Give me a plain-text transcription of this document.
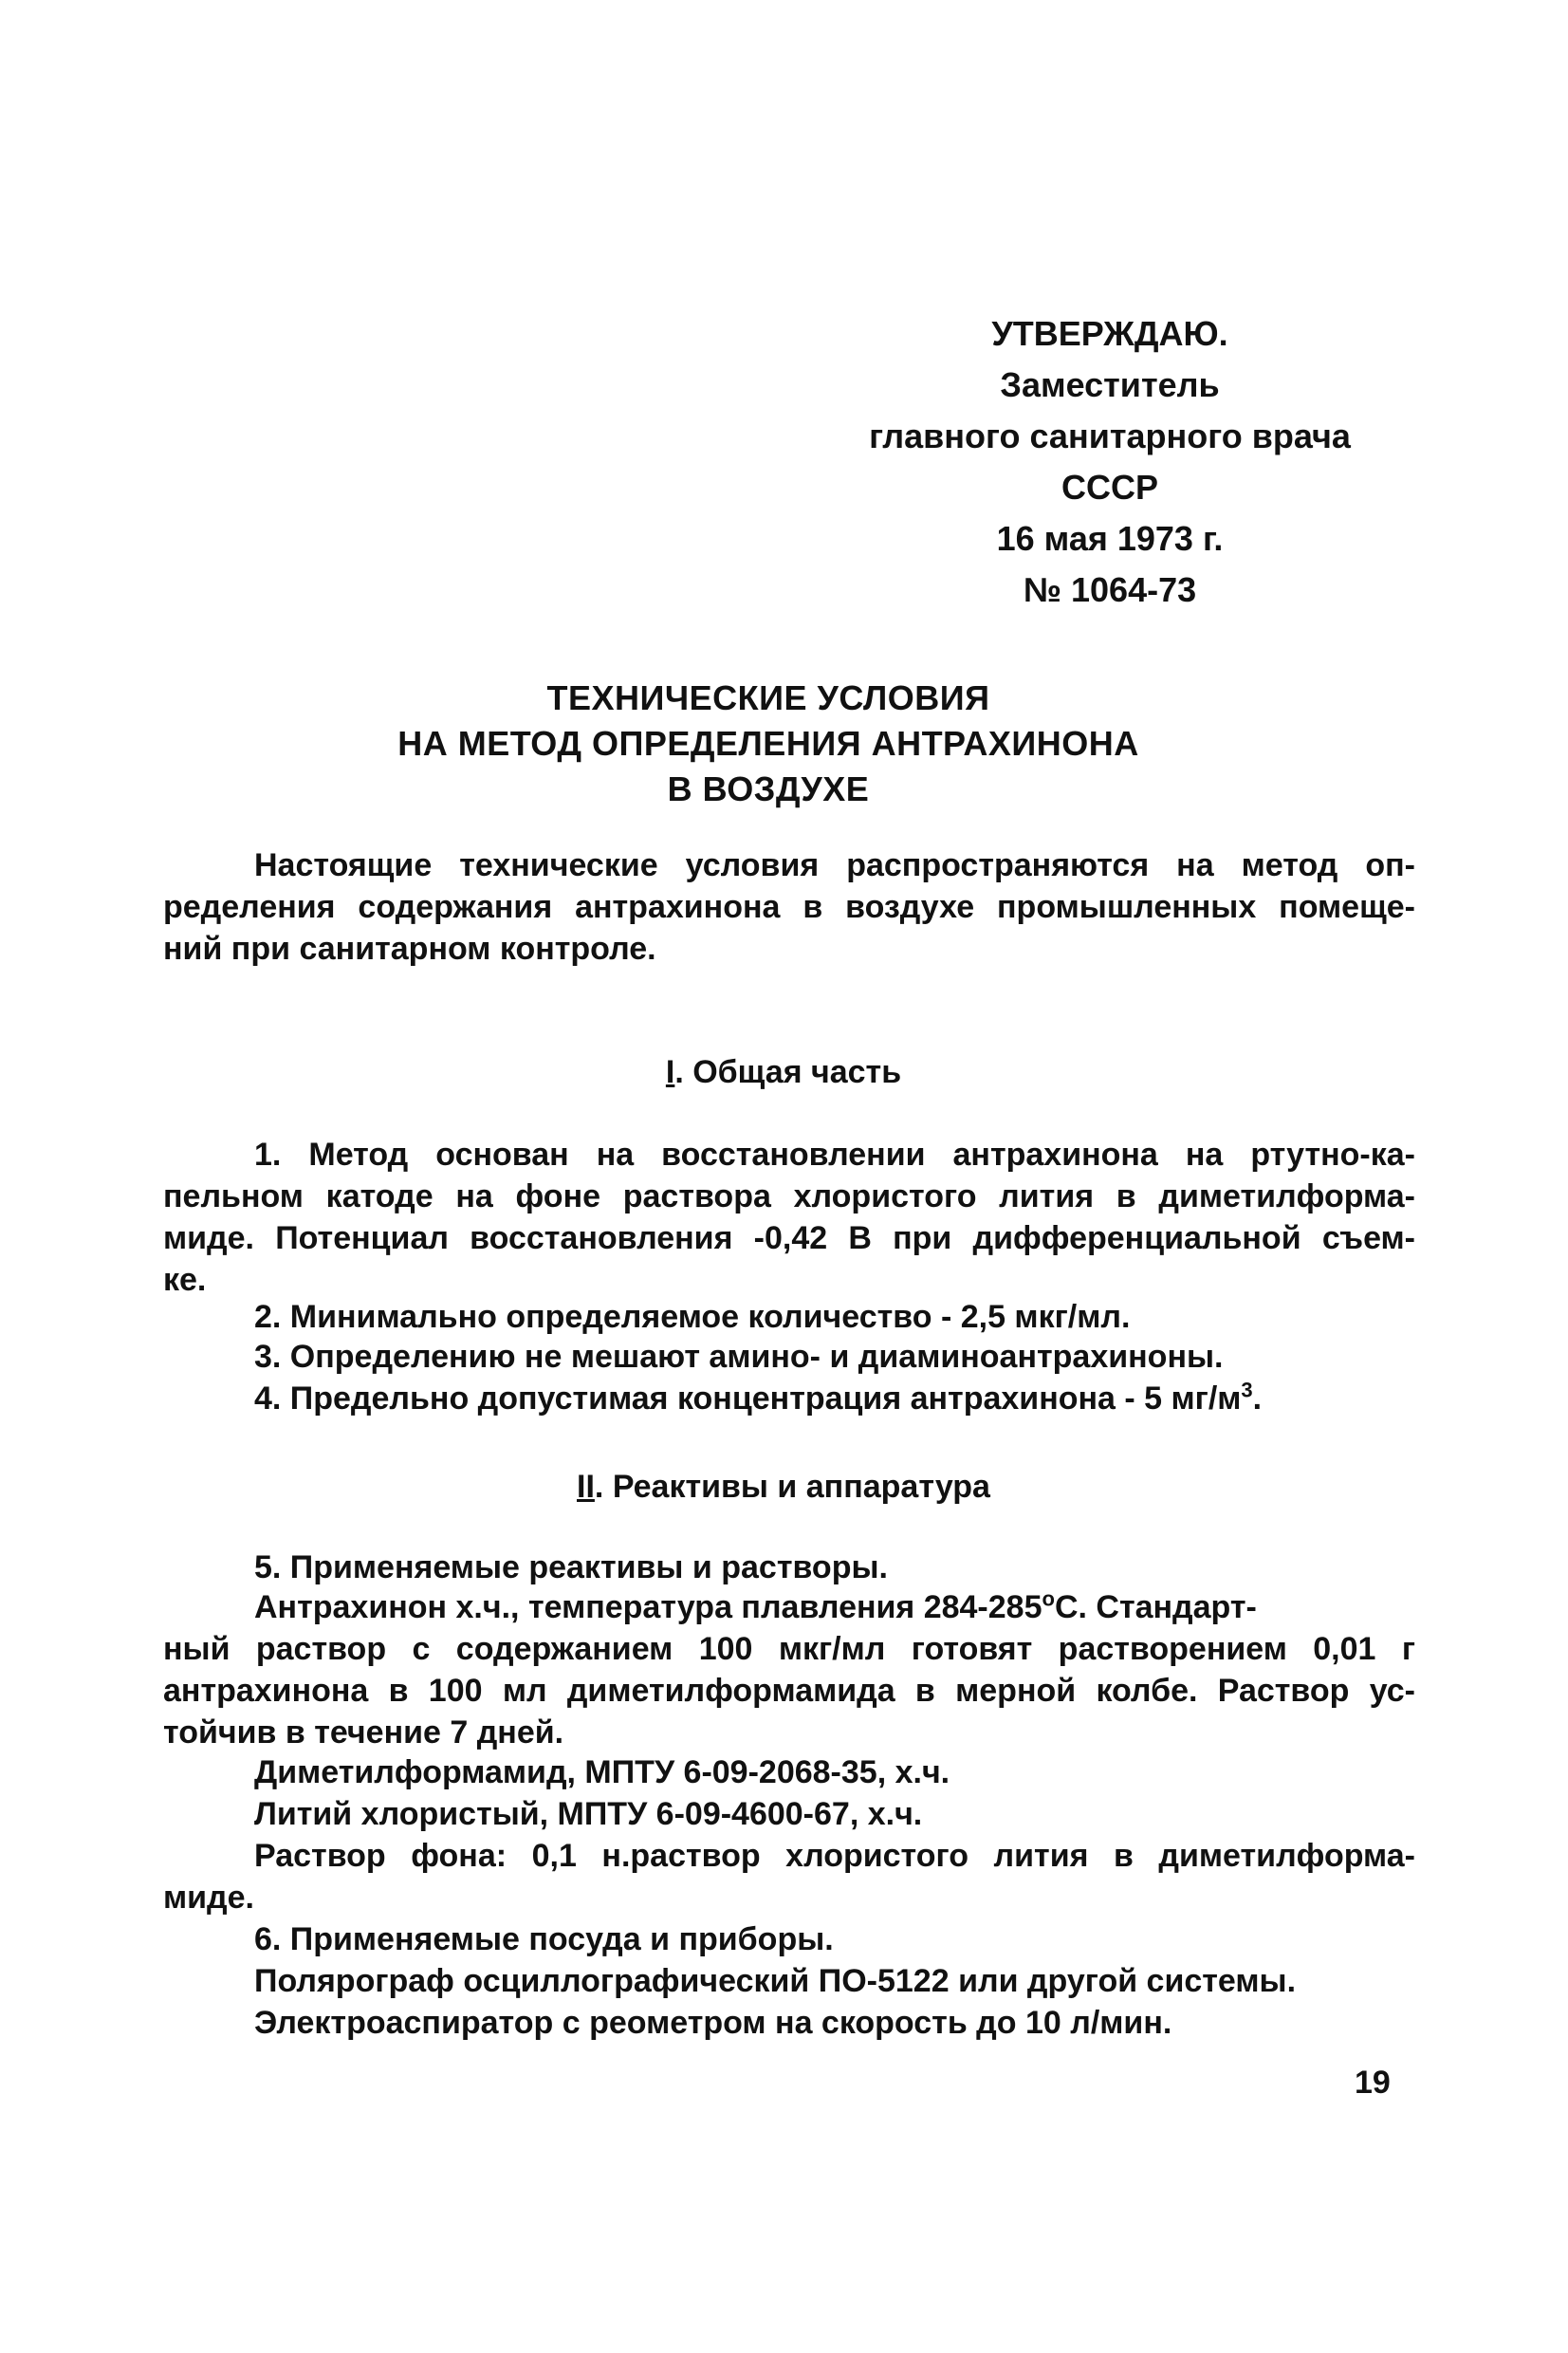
УТВЕРЖДАЮ.
Заместитель
главного санитарного врача
СССР
16 мая 1973 г.
№ 1064-73
ТЕХНИЧЕСКИЕ УСЛОВИЯ
НА МЕТОД ОПРЕДЕЛЕНИЯ АНТРАХИНОНА
В ВОЗДУХЕ
Настоящие технические условия распространяются на метод оп-
ределения содержания антрахинона в воздухе промышленных помеще-
ний при санитарном контроле.
I. Общая часть
1. Метод основан на восстановлении антрахинона на ртутно-ка-
пельном катоде на фоне раствора хлористого лития в диметилформа-
миде. Потенциал восстановления -0,42 В при дифференциальной съем-
ке.
2. Минимально определяемое количество - 2,5 мкг/мл.
3. Определению не мешают амино- и диаминоантрахиноны.
4. Предельно допустимая концентрация антрахинона - 5 $мг/м^3$.
II. Реактивы и аппаратура
5. Применяемые реактивы и растворы.
Антрахинон х.ч., температура плавления $284-285^оС$. Стандарт-
ный раствор с содержанием 100 мкг/мл готовят растворением 0,01 г
антрахинона в 100 мл диметилформамида в мерной колбе. Раствор ус-
тойчив в течение 7 дней.
Диметилформамид, МПТУ 6-09-2068-35, х.ч.
Литий хлористый, МПТУ 6-09-4600-67, х.ч.
Раствор фона: 0,1 н.раствор хлористого лития в диметилформа-
миде.
6. Применяемые посуда и приборы.
Полярограф осциллографический ПО-5122 или другой системы.
Электроаспиратор с реометром на скорость до 10 л/мин.
19
